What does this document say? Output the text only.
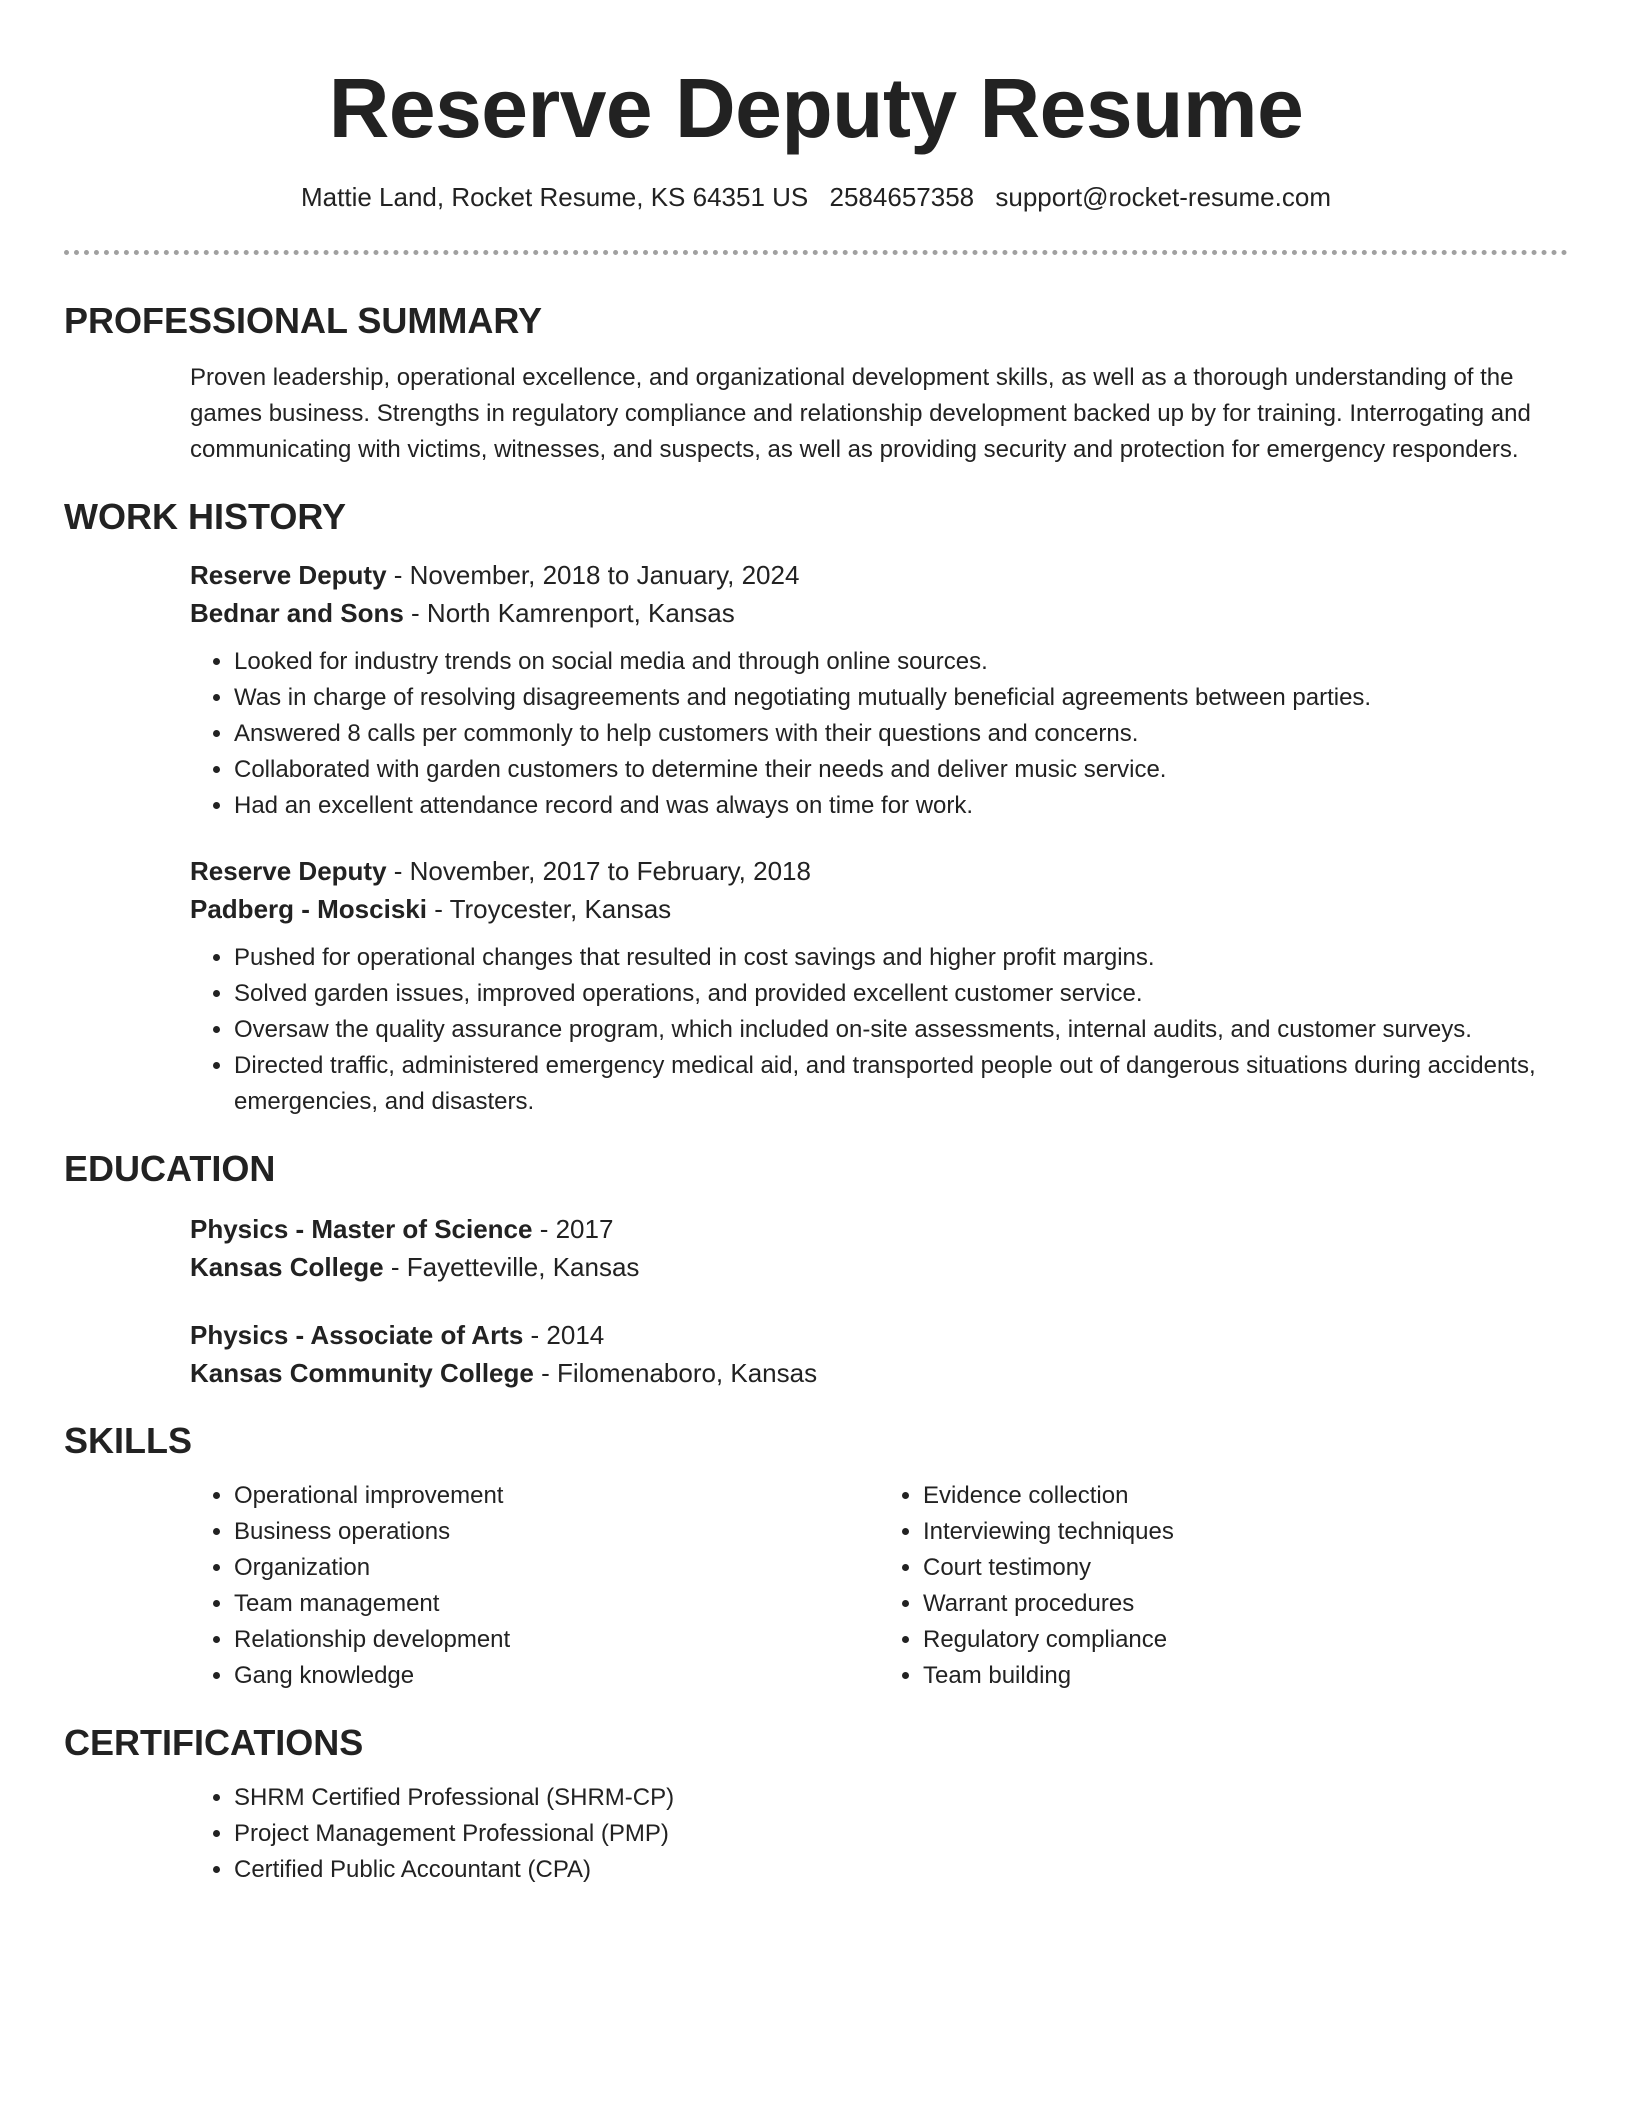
Reserve Deputy Resume
Mattie Land, Rocket Resume, KS 64351 US 2584657358 support@rocket-resume.com
PROFESSIONAL SUMMARY

Proven leadership, operational excellence, and organizational development skills, as well as a thorough understanding of the games business. Strengths in regulatory compliance and relationship development backed up by for training. Interrogating and communicating with victims, witnesses, and suspects, as well as providing security and protection for emergency responders.

WORK HISTORY
Reserve Deputy - November, 2018 to January, 2024
Bednar and Sons - North Kamrenport, Kansas
• Looked for industry trends on social media and through online sources.
• Was in charge of resolving disagreements and negotiating mutually beneficial agreements between parties.
• Answered 8 calls per commonly to help customers with their questions and concerns.
• Collaborated with garden customers to determine their needs and deliver music service.
• Had an excellent attendance record and was always on time for work.
Reserve Deputy - November, 2017 to February, 2018
Padberg - Mosciski - Troycester, Kansas
• Pushed for operational changes that resulted in cost savings and higher profit margins.
• Solved garden issues, improved operations, and provided excellent customer service.
• Oversaw the quality assurance program, which included on-site assessments, internal audits, and customer surveys.
• Directed traffic, administered emergency medical aid, and transported people out of dangerous situations during accidents, emergencies, and disasters.
EDUCATION
Physics - Master of Science - 2017
Kansas College - Fayetteville, Kansas
Physics - Associate of Arts - 2014
Kansas Community College - Filomenaboro, Kansas
SKILLS
• Operational improvement
• Business operations
• Organization
• Team management
• Relationship development
• Gang knowledge
• Evidence collection
• Interviewing techniques
• Court testimony
• Warrant procedures
• Regulatory compliance
• Team building
CERTIFICATIONS
• SHRM Certified Professional (SHRM-CP)
• Project Management Professional (PMP)
• Certified Public Accountant (CPA)
